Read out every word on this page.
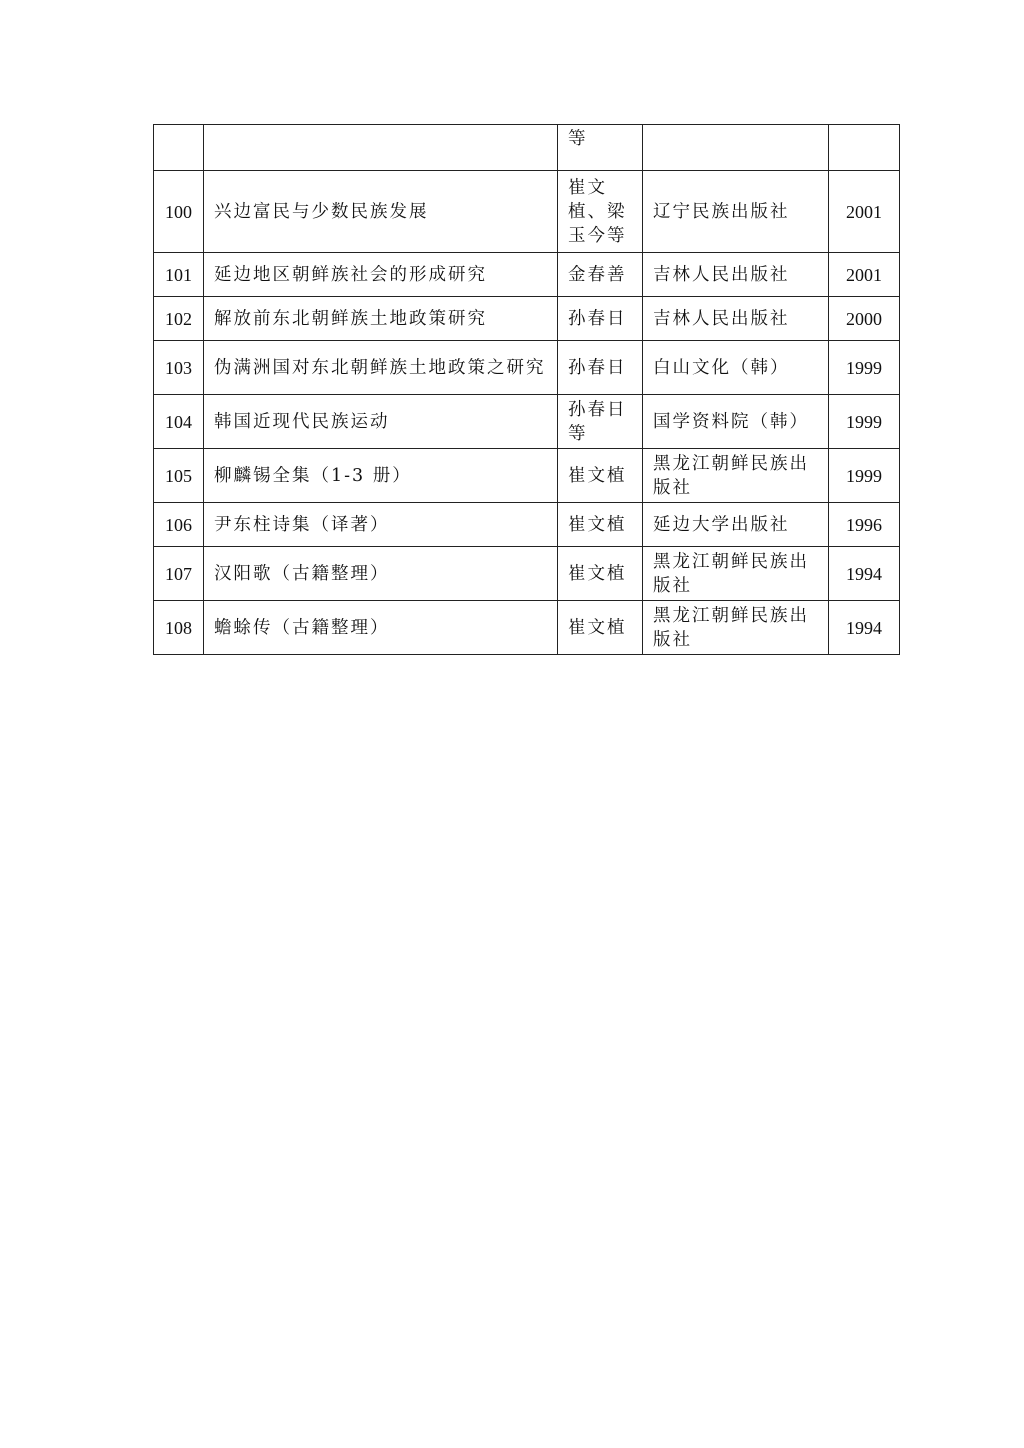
		等		
100	兴边富民与少数民族发展	崔文植、梁玉今等	辽宁民族出版社	2001
101	延边地区朝鲜族社会的形成研究	金春善	吉林人民出版社	2001
102	解放前东北朝鲜族土地政策研究	孙春日	吉林人民出版社	2000
103	伪满洲国对东北朝鲜族土地政策之研究	孙春日	白山文化（韩）	1999
104	韩国近现代民族运动	孙春日等	国学资料院（韩）	1999
105	柳麟锡全集（1-3 册）	崔文植	黑龙江朝鲜民族出版社	1999
106	尹东柱诗集（译著）	崔文植	延边大学出版社	1996
107	汉阳歌（古籍整理）	崔文植	黑龙江朝鲜民族出版社	1994
108	蟾蜍传（古籍整理）	崔文植	黑龙江朝鲜民族出版社	1994
